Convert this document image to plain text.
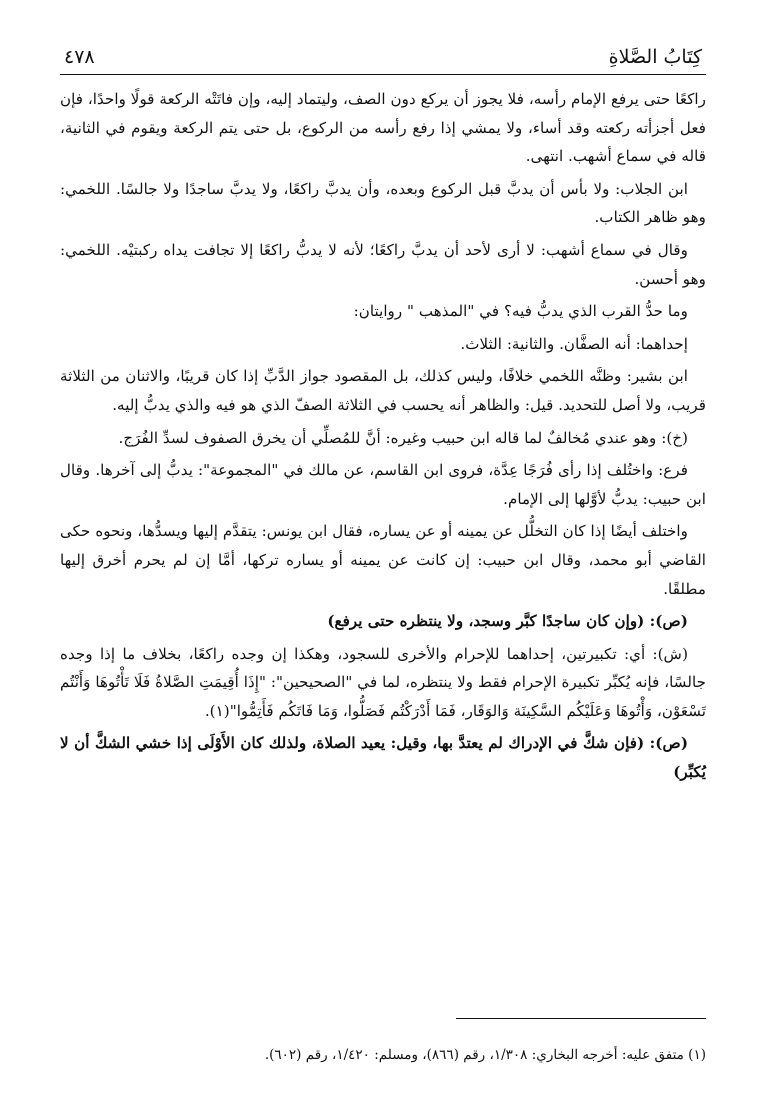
كِتَابُ الصَّلاةِ
٤٧٨

راكعًا حتى يرفع الإمام رأسه، فلا يجوز أن يركع دون الصف، وليتماد إليه، وإن فاتَتْه الركعة قولًا واحدًا، فإن فعل أجزأته ركعته وقد أساء، ولا يمشي إذا رفع رأسه من الركوع، بل حتى يتم الركعة ويقوم في الثانية، قاله في سماع أشهب. انتهى.

ابن الجلاب: ولا بأس أن يدبَّ قبل الركوع وبعده، وأن يدبَّ راكعًا، ولا يدبَّ ساجدًا ولا جالسًا. اللخمي: وهو ظاهر الكتاب.

وقال في سماع أشهب: لا أرى لأحد أن يدبَّ راكعًا؛ لأنه لا يدبُّ راكعًا إلا تجافت يداه ركبتيْه. اللخمي: وهو أحسن.

وما حدُّ القرب الذي يدبُّ فيه؟ في "المذهب " روايتان:

إحداهما: أنه الصفَّان. والثانية: الثلاث.

ابن بشير: وظنَّه اللخمي خلافًا، وليس كذلك، بل المقصود جواز الدَّبِّ إذا كان قريبًا، والاثنان من الثلاثة قريب، ولا أصل للتحديد. قيل: والظاهر أنه يحسب في الثلاثة الصفّ الذي هو فيه والذي يدبُّ إليه.

(خ): وهو عندي مُخالفٌ لما قاله ابن حبيب وغيره: أنَّ للمُصلِّي أن يخرق الصفوف لسدِّ الفُرَج.

فرع: واختُلف إذا رأى فُرَجًا عِدَّة، فروى ابن القاسم، عن مالك في "المجموعة": يدبُّ إلى آخرها. وقال ابن حبيب: يدبُّ لأوَّلها إلى الإمام.

واختلف أيضًا إذا كان التخلُّل عن يمينه أو عن يساره، فقال ابن يونس: يتقدَّم إليها ويسدُّها، ونحوه حكى القاضي أبو محمد، وقال ابن حبيب: إن كانت عن يمينه أو يساره تركها، أمَّا إن لم يحرم أخرق إليها مطلقًا.

(ص): (وإن كان ساجدًا كبَّر وسجد، ولا ينتظره حتى يرفع)

(ش): أي: تكبيرتين، إحداهما للإحرام والأخرى للسجود، وهكذا إن وجده راكعًا، بخلاف ما إذا وجده جالسًا، فإنه يُكبِّر تكبيرة الإحرام فقط ولا ينتظره، لما في "الصحيحين": "إِذَا أُقِيمَتِ الصَّلاةُ فَلَا تَأْتُوهَا وَأَنْتُم تَسْعَوْن، وَأْتُوهَا وَعَلَيْكُم السَّكِينَة وَالوَقَار، فَمَا أَدْرَكْتُم فَصَلُّوا، وَمَا فَاتَكُم فَأَتِمُّوا"(١).

(ص): (فإن شكَّ في الإدراك لم يعتدَّ بها، وقيل: يعيد الصلاة، ولذلك كان الأَوْلَى إذا خشي الشكَّ أن لا يُكبِّر)

(١) متفق عليه: أخرجه البخاري: ١/٣٠٨، رقم (٨٦٦)، ومسلم: ١/٤٢٠، رقم (٦٠٢).
